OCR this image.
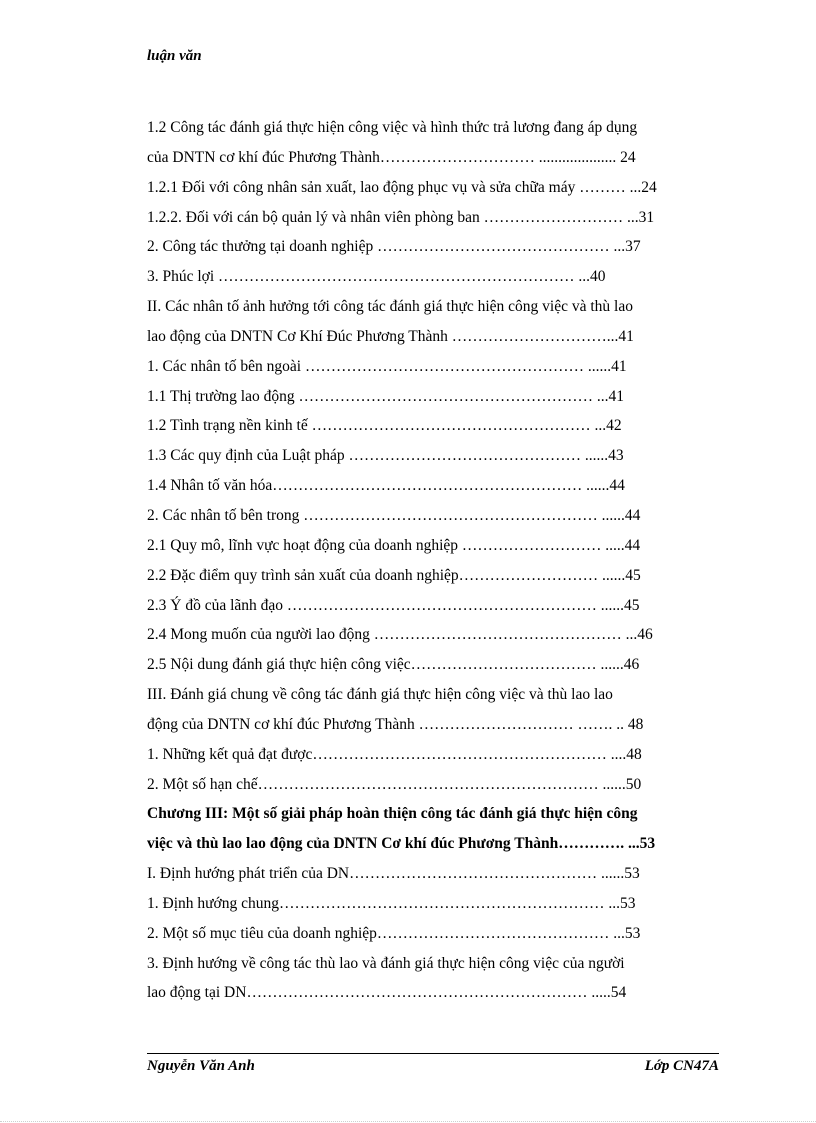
luận văn
1.2 Công tác đánh giá thực hiện công việc và hình thức trả lương đang áp dụng
của DNTN cơ khí đúc Phương Thành………………………… .................... 24
1.2.1 Đối với công nhân sản xuất, lao động phục vụ và sửa chữa máy ……… ...24
1.2.2. Đối với cán bộ quản lý và nhân viên phòng ban ……………………… ...31
2. Công tác thưởng tại doanh nghiệp ……………………………………… ...37
3. Phúc lợi …………………………………………………………… ...40
II. Các nhân tố ảnh hưởng tới công tác đánh giá thực hiện công việc và thù lao
lao động của DNTN Cơ Khí Đúc Phương Thành …………………………...41
1. Các nhân tố bên ngoài ……………………………………………… ......41
1.1 Thị trường lao động ………………………………………………… ...41
1.2 Tình trạng nền kinh tế ……………………………………………… ...42
1.3 Các quy định của Luật pháp ……………………………………… ......43
1.4 Nhân tố văn hóa…………………………………………………… ......44
2. Các nhân tố bên trong ………………………………………………… ......44
2.1 Quy mô, lĩnh vực hoạt động của doanh nghiệp ……………………… .....44
2.2 Đặc điểm quy trình sản xuất của doanh nghiệp……………………… ......45
2.3 Ý đồ của lãnh đạo …………………………………………………… ......45
2.4 Mong muốn của người lao động ………………………………………… ...46
2.5 Nội dung đánh giá thực hiện công việc……………………………… ......46
III. Đánh giá chung về công tác đánh giá thực hiện công việc và thù lao lao
động của DNTN cơ khí đúc Phương Thành ………………………… ……. .. 48
1. Những kết quả đạt được………………………………………………… ....48
2. Một số hạn chế………………………………………………………… ......50
Chương III: Một số giải pháp hoàn thiện công tác đánh giá thực hiện công
việc và thù lao lao động của DNTN Cơ khí đúc Phương Thành…………. ...53
I. Định hướng phát triển của DN………………………………………… ......53
1. Định hướng chung……………………………………………………… ...53
2. Một số mục tiêu của doanh nghiệp……………………………………… ...53
3. Định hướng về công tác thù lao và đánh giá thực hiện công việc của người
lao động tại DN………………………………………………………… .....54
Nguyễn Văn Anh	Lớp CN47A
